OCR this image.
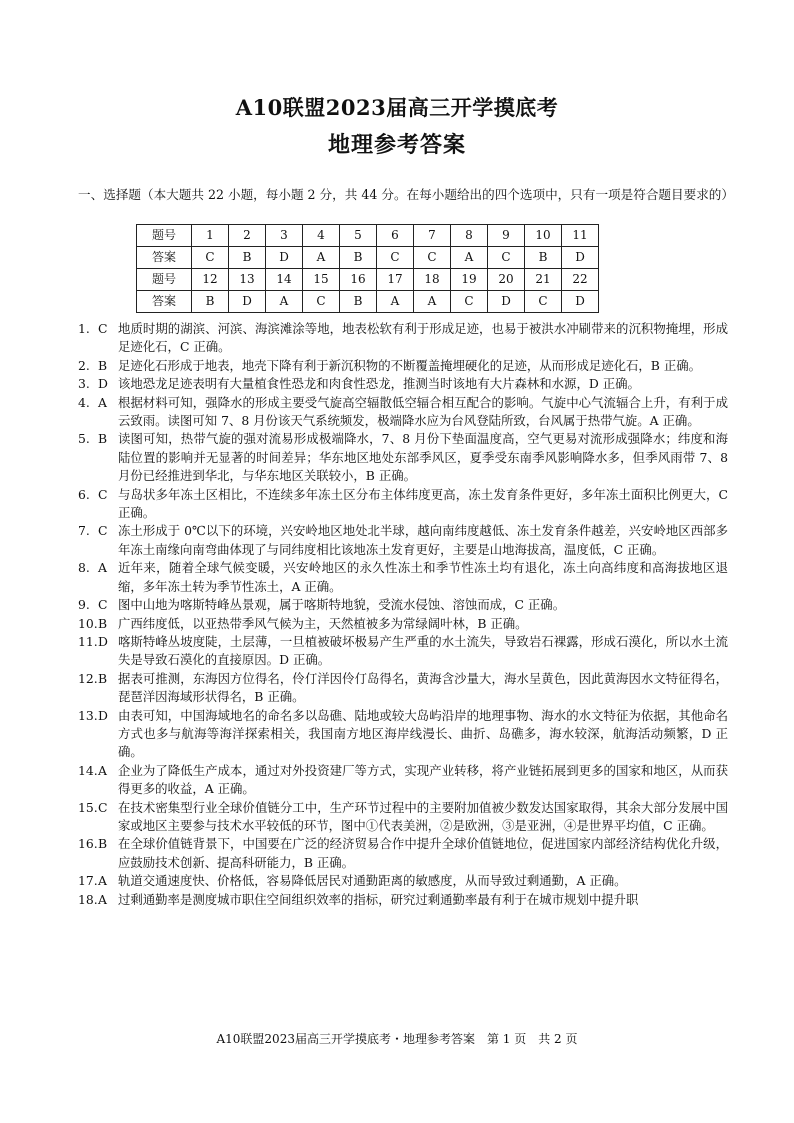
A10联盟2023届高三开学摸底考
地理参考答案
一、选择题（本大题共 22 小题，每小题 2 分，共 44 分。在每小题给出的四个选项中，只有一项是符合题目要求的）
题号	1	2	3	4	5	6	7	8	9	10	11
答案	C	B	D	A	B	C	C	A	C	B	D
题号	12	13	14	15	16	17	18	19	20	21	22
答案	B	D	A	C	B	A	A	C	D	C	D
1. C 地质时期的湖滨、河滨、海滨滩涂等地，地表松软有利于形成足迹，也易于被洪水冲刷带来的沉积物掩埋，形成足迹化石，C 正确。
2. B 足迹化石形成于地表，地壳下降有利于新沉积物的不断覆盖掩埋硬化的足迹，从而形成足迹化石，B 正确。
3. D 该地恐龙足迹表明有大量植食性恐龙和肉食性恐龙，推测当时该地有大片森林和水源，D 正确。
4. A 根据材料可知，强降水的形成主要受气旋高空辐散低空辐合相互配合的影响。气旋中心气流辐合上升，有利于成云致雨。读图可知 7、8 月份该天气系统频发，极端降水应为台风登陆所致，台风属于热带气旋。A 正确。
5. B 读图可知，热带气旋的强对流易形成极端降水，7、8 月份下垫面温度高，空气更易对流形成强降水；纬度和海陆位置的影响并无显著的时间差异；华东地区地处东部季风区，夏季受东南季风影响降水多，但季风雨带 7、8 月份已经推进到华北，与华东地区关联较小，B 正确。
6. C 与岛状多年冻土区相比，不连续多年冻土区分布主体纬度更高，冻土发育条件更好，多年冻土面积比例更大，C 正确。
7. C 冻土形成于 0℃以下的环境，兴安岭地区地处北半球，越向南纬度越低、冻土发育条件越差，兴安岭地区西部多年冻土南缘向南弯曲体现了与同纬度相比该地冻土发育更好，主要是山地海拔高，温度低，C 正确。
8. A 近年来，随着全球气候变暖，兴安岭地区的永久性冻土和季节性冻土均有退化，冻土向高纬度和高海拔地区退缩，多年冻土转为季节性冻土，A 正确。
9. C 图中山地为喀斯特峰丛景观，属于喀斯特地貌，受流水侵蚀、溶蚀而成，C 正确。
10. B 广西纬度低，以亚热带季风气候为主，天然植被多为常绿阔叶林，B 正确。
11. D 喀斯特峰丛坡度陡，土层薄，一旦植被破坏极易产生严重的水土流失，导致岩石裸露，形成石漠化，所以水土流失是导致石漠化的直接原因。D 正确。
12. B 据表可推测，东海因方位得名，伶仃洋因伶仃岛得名，黄海含沙量大，海水呈黄色，因此黄海因水文特征得名，琵琶洋因海域形状得名，B 正确。
13. D 由表可知，中国海域地名的命名多以岛礁、陆地或较大岛屿沿岸的地理事物、海水的水文特征为依据，其他命名方式也多与航海等海洋探索相关，我国南方地区海岸线漫长、曲折、岛礁多，海水较深，航海活动频繁，D 正确。
14. A 企业为了降低生产成本，通过对外投资建厂等方式，实现产业转移，将产业链拓展到更多的国家和地区，从而获得更多的收益，A 正确。
15. C 在技术密集型行业全球价值链分工中，生产环节过程中的主要附加值被少数发达国家取得，其余大部分发展中国家或地区主要参与技术水平较低的环节，图中①代表美洲，②是欧洲，③是亚洲，④是世界平均值，C 正确。
16. B 在全球价值链背景下，中国要在广泛的经济贸易合作中提升全球价值链地位，促进国家内部经济结构优化升级，应鼓励技术创新、提高科研能力，B 正确。
17. A 轨道交通速度快、价格低，容易降低居民对通勤距离的敏感度，从而导致过剩通勤，A 正确。
18. A 过剩通勤率是测度城市职住空间组织效率的指标，研究过剩通勤率最有利于在城市规划中提升职
A10联盟2023届高三开学摸底考・地理参考答案　第 1 页　共 2 页
